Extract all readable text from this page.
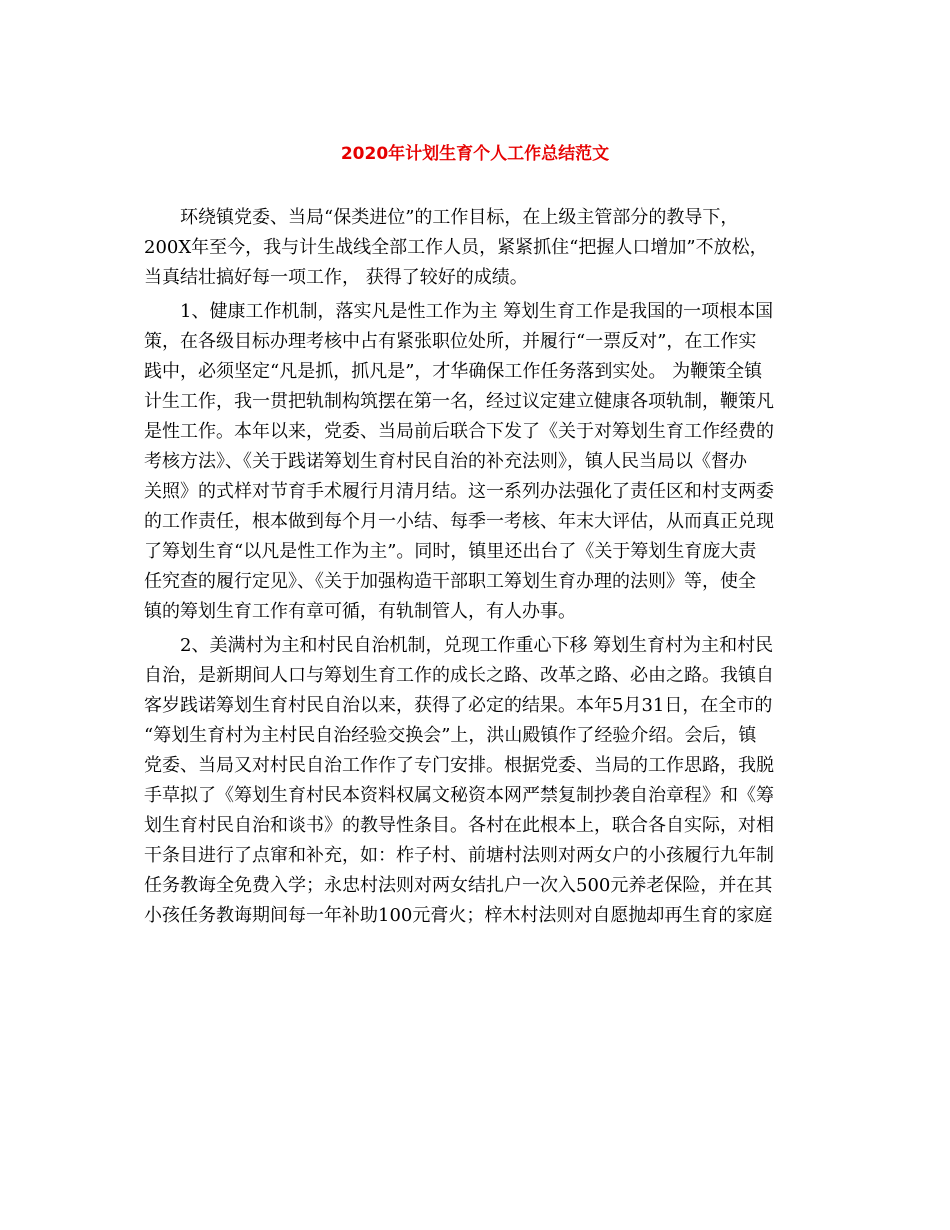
2020年计划生育个人工作总结范文
环绕镇党委、当局“保类进位”的工作目标，在上级主管部分的教导下，
200X年至今，我与计生战线全部工作人员，紧紧抓住“把握人口增加”不放松，
当真结壮搞好每一项工作， 获得了较好的成绩。
1、健康工作机制，落实凡是性工作为主 筹划生育工作是我国的一项根本国
策，在各级目标办理考核中占有紧张职位处所，并履行“一票反对”，在工作实
践中，必须坚定“凡是抓，抓凡是”，才华确保工作任务落到实处。 为鞭策全镇
计生工作，我一贯把轨制构筑摆在第一名，经过议定建立健康各项轨制，鞭策凡
是性工作。本年以来，党委、当局前后联合下发了《关于对筹划生育工作经费的
考核方法》、《关于践诺筹划生育村民自治的补充法则》，镇人民当局以《督办
关照》的式样对节育手术履行月清月结。这一系列办法强化了责任区和村支两委
的工作责任，根本做到每个月一小结、每季一考核、年末大评估，从而真正兑现
了筹划生育“以凡是性工作为主”。同时，镇里还出台了《关于筹划生育庞大责
任究查的履行定见》、《关于加强构造干部职工筹划生育办理的法则》等，使全
镇的筹划生育工作有章可循，有轨制管人，有人办事。
2、美满村为主和村民自治机制，兑现工作重心下移 筹划生育村为主和村民
自治，是新期间人口与筹划生育工作的成长之路、改革之路、必由之路。我镇自
客岁践诺筹划生育村民自治以来，获得了必定的结果。本年5月31日，在全市的
“筹划生育村为主村民自治经验交换会”上，洪山殿镇作了经验介绍。会后，镇
党委、当局又对村民自治工作作了专门安排。根据党委、当局的工作思路，我脱
手草拟了《筹划生育村民本资料权属文秘资本网严禁复制抄袭自治章程》和《筹
划生育村民自治和谈书》的教导性条目。各村在此根本上，联合各自实际，对相
干条目进行了点窜和补充，如：柞子村、前塘村法则对两女户的小孩履行九年制
任务教诲全免费入学；永忠村法则对两女结扎户一次入500元养老保险，并在其
小孩任务教诲期间每一年补助100元膏火；梓木村法则对自愿抛却再生育的家庭
